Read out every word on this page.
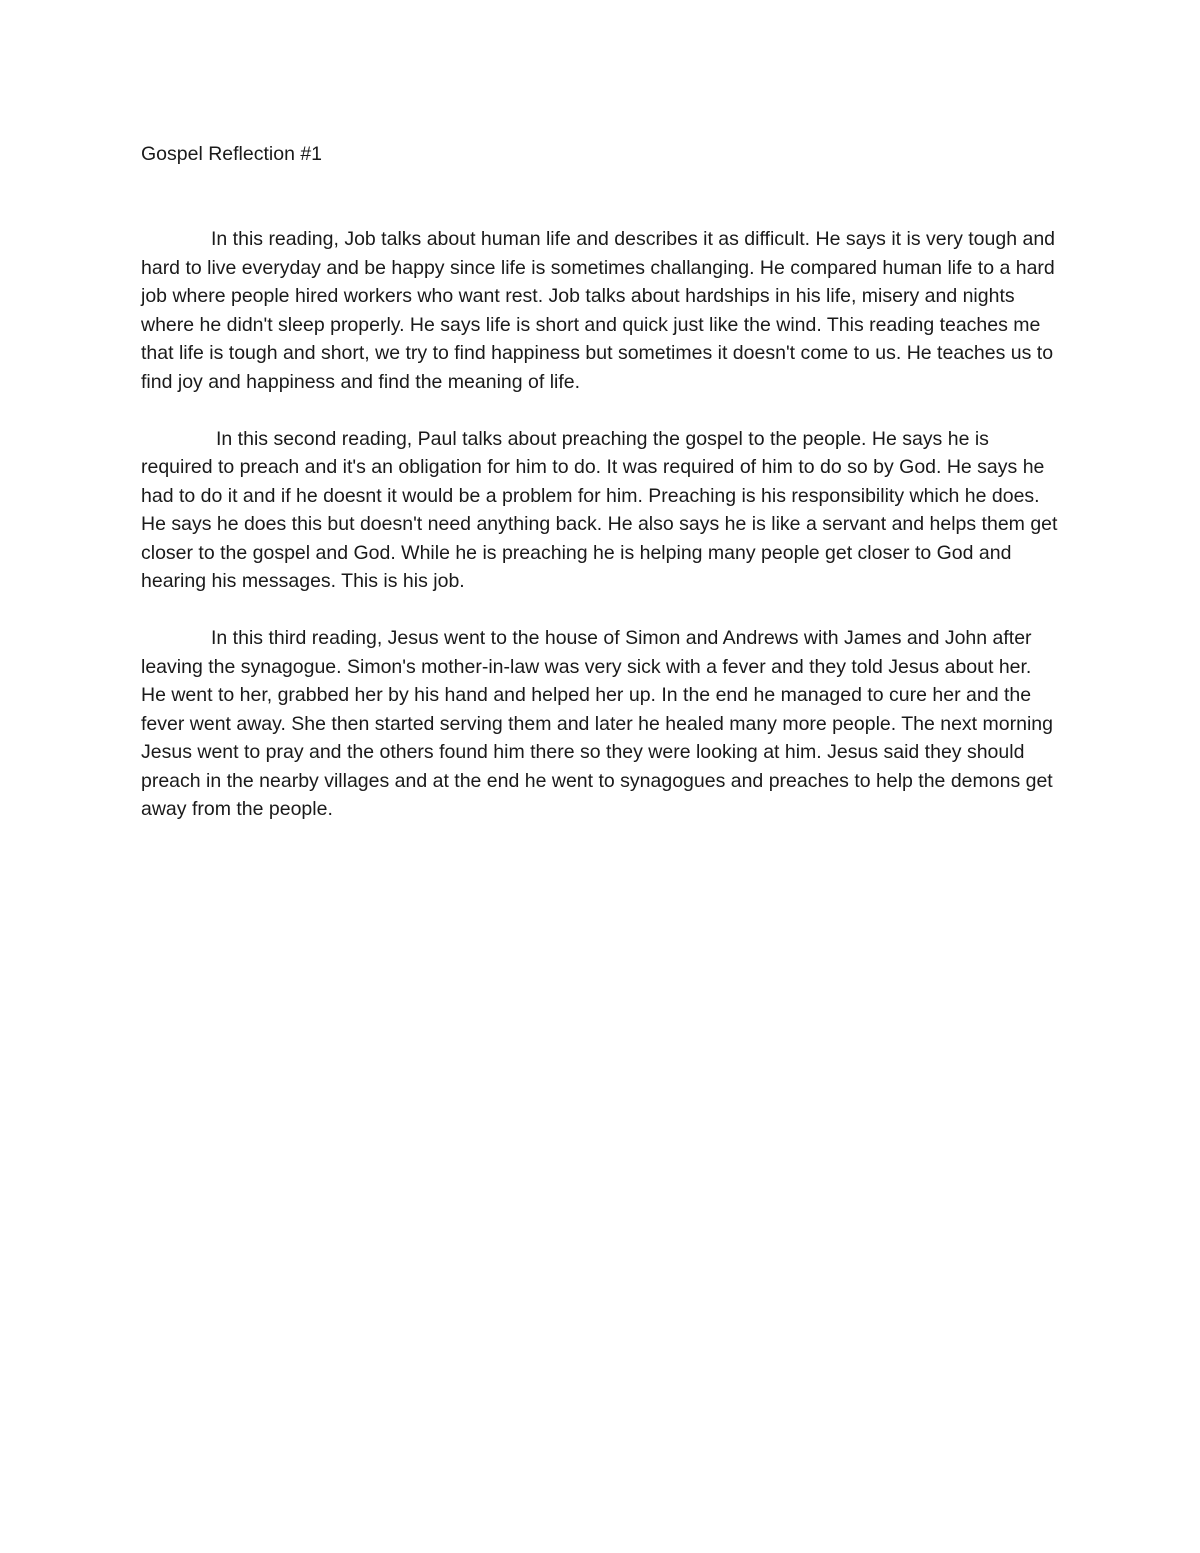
Gospel Reflection #1

In this reading, Job talks about human life and describes it as difficult. He says it is very tough and hard to live everyday and be happy since life is sometimes challanging. He compared human life to a hard job where people hired workers who want rest. Job talks about hardships in his life, misery and nights where he didn't sleep properly. He says life is short and quick just like the wind. This reading teaches me that life is tough and short, we try to find happiness but sometimes it doesn't come to us. He teaches us to find joy and happiness and find the meaning of life.

In this second reading, Paul talks about preaching the gospel to the people. He says he is required to preach and it's an obligation for him to do. It was required of him to do so by God. He says he had to do it and if he doesnt it would be a problem for him. Preaching is his responsibility which he does. He says he does this but doesn't need anything back. He also says he is like a servant and helps them get closer to the gospel and God. While he is preaching he is helping many people get closer to God and hearing his messages. This is his job.

In this third reading, Jesus went to the house of Simon and Andrews with James and John after leaving the synagogue. Simon's mother-in-law was very sick with a fever and they told Jesus about her. He went to her, grabbed her by his hand and helped her up. In the end he managed to cure her and the fever went away. She then started serving them and later he healed many more people. The next morning Jesus went to pray and the others found him there so they were looking at him. Jesus said they should preach in the nearby villages and at the end he went to synagogues and preaches to help the demons get away from the people.
